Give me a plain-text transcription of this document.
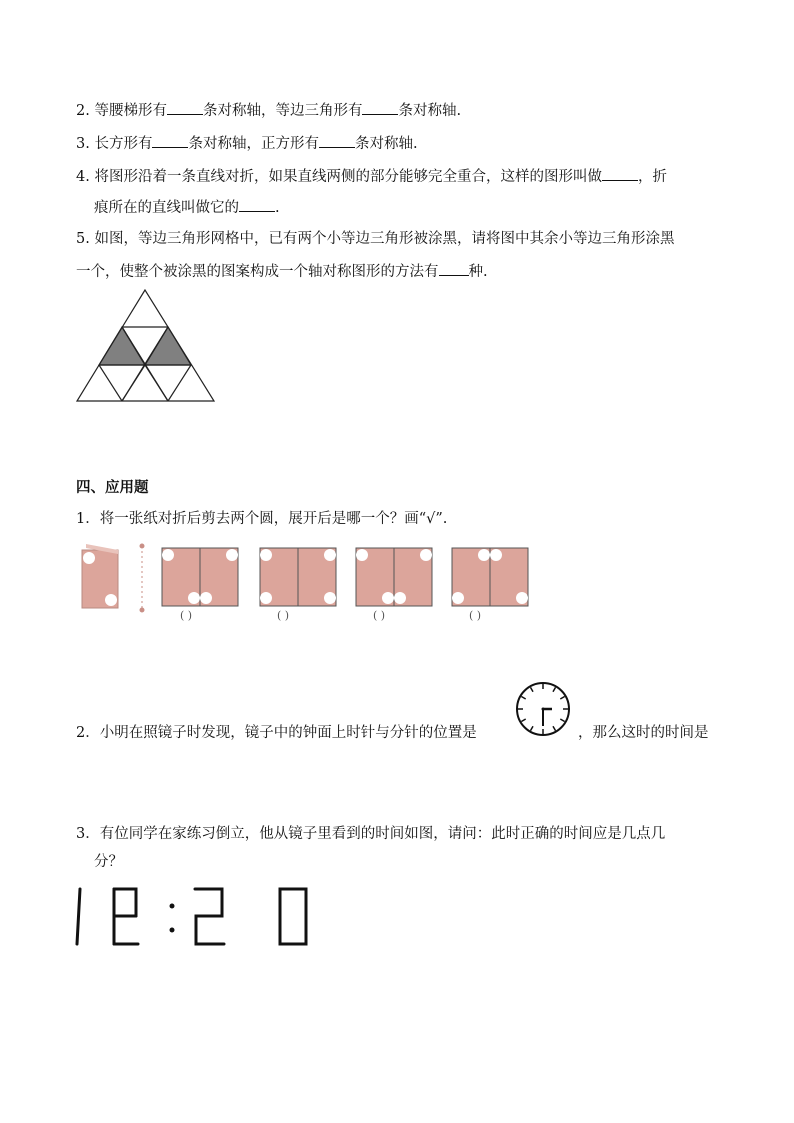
2. 等腰梯形有 条对称轴，等边三角形有 条对称轴.
3. 长方形有 条对称轴，正方形有 条对称轴.
4. 将图形沿着一条直线对折，如果直线两侧的部分能够完全重合，这样的图形叫做 ，折
痕所在的直线叫做它的 .
5. 如图，等边三角形网格中，已有两个小等边三角形被涂黑，请将图中其余小等边三角形涂黑
一个，使整个被涂黑的图案构成一个轴对称图形的方法有 种.
四、应用题
1．将一张纸对折后剪去两个圆，展开后是哪一个？画“√”.
( )	( )	( )	( )
2．小明在照镜子时发现，镜子中的钟面上时针与分针的位置是	，那么这时的时间是
3．有位同学在家练习倒立，他从镜子里看到的时间如图，请问：此时正确的时间应是几点几
分？
